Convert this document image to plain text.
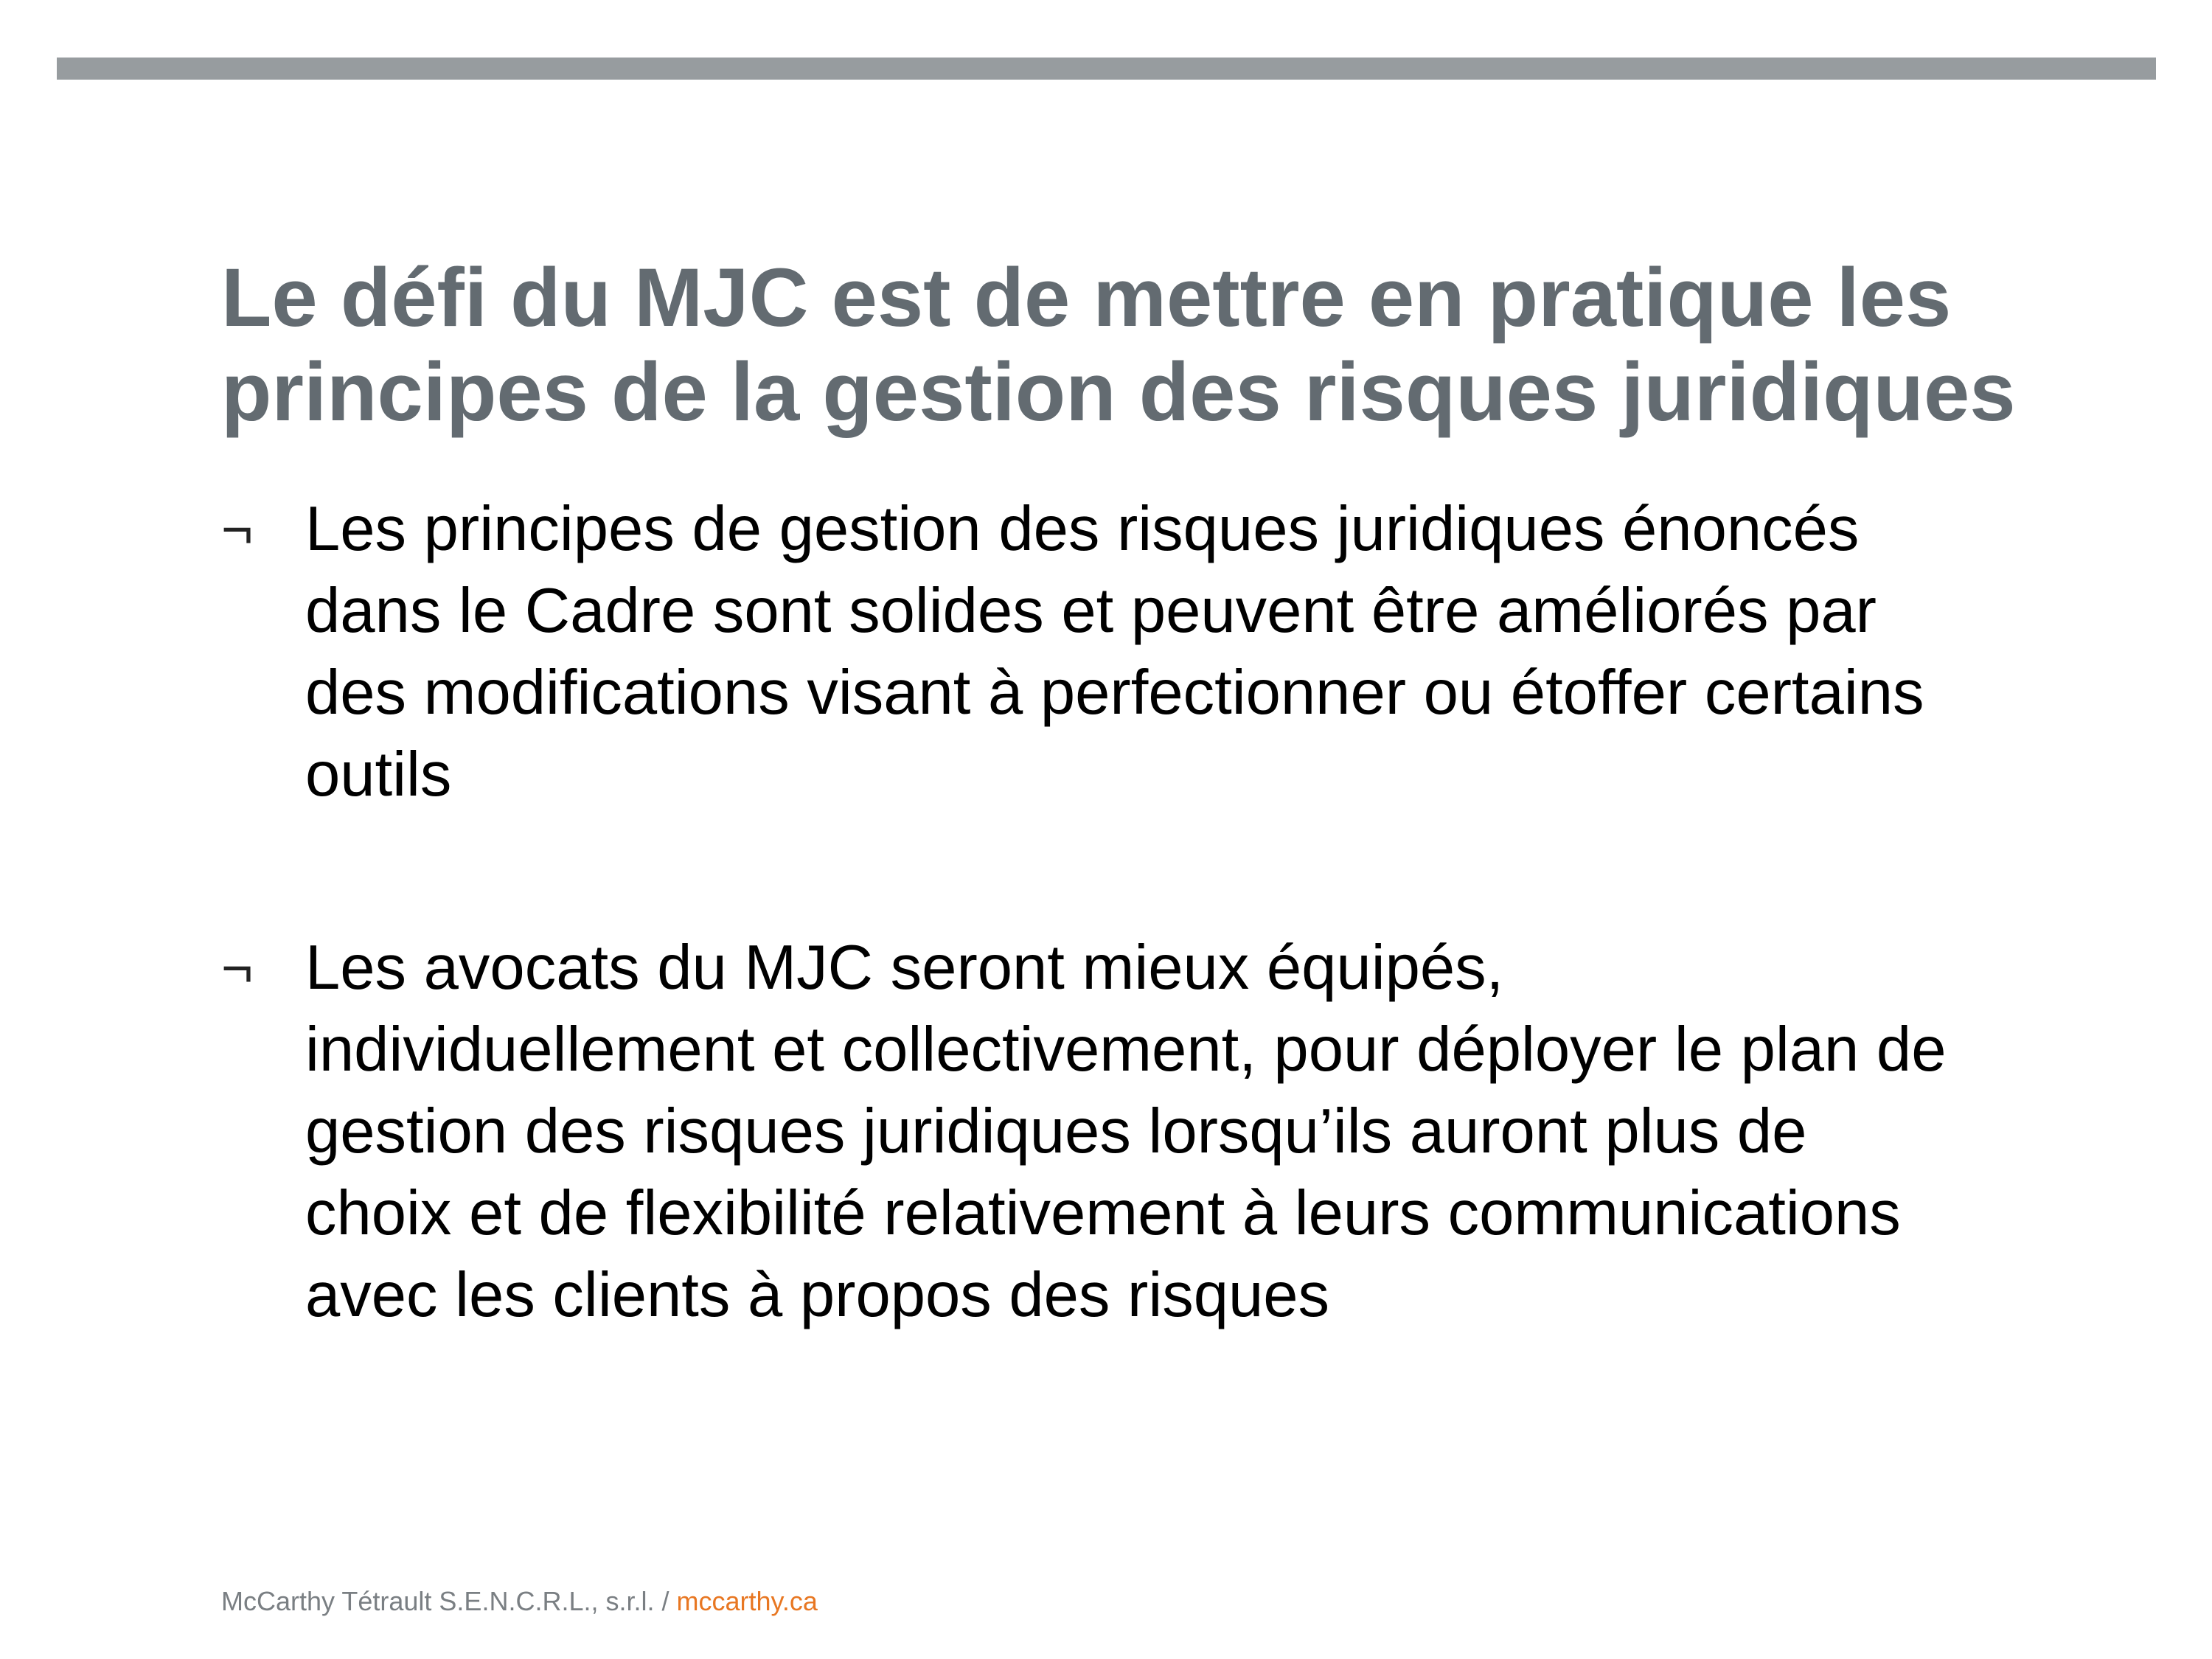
Le défi du MJC est de mettre en pratique les
principes de la gestion des risques juridiques
¬ Les principes de gestion des risques juridiques énoncés
dans le Cadre sont solides et peuvent être améliorés par
des modifications visant à perfectionner ou étoffer certains
outils
¬ Les avocats du MJC seront mieux équipés,
individuellement et collectivement, pour déployer le plan de
gestion des risques juridiques lorsqu’ils auront plus de
choix et de flexibilité relativement à leurs communications
avec les clients à propos des risques
McCarthy Tétrault S.E.N.C.R.L., s.r.l. / mccarthy.ca
